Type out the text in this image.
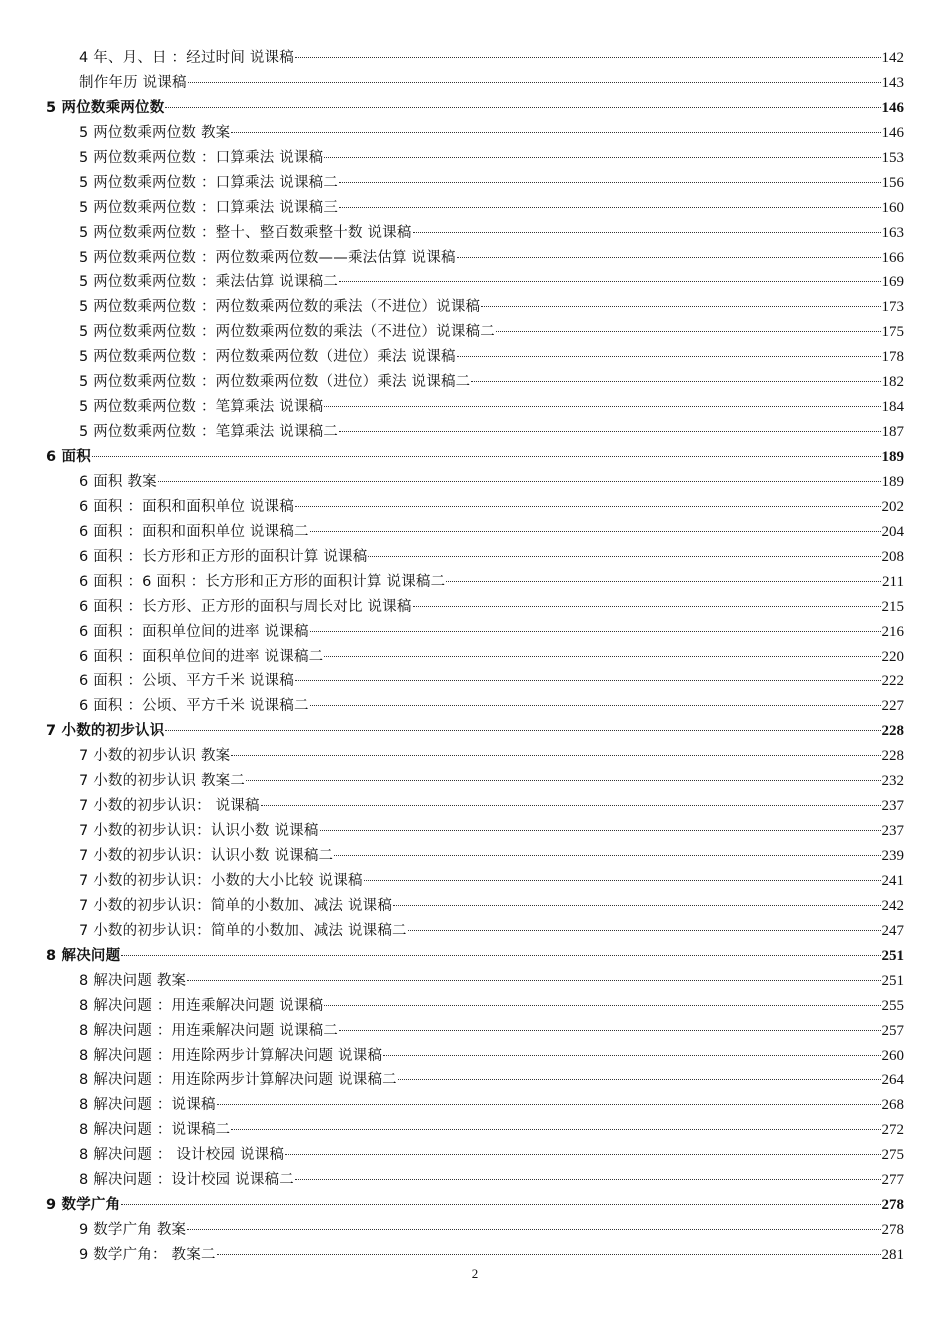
4 年、月、日 ：经过时间 说课稿	142
制作年历 说课稿	143
5 两位数乘两位数	146
5 两位数乘两位数 教案	146
5 两位数乘两位数 ：口算乘法 说课稿	153
5 两位数乘两位数 ：口算乘法 说课稿二	156
5 两位数乘两位数 ：口算乘法 说课稿三	160
5 两位数乘两位数 ：整十、整百数乘整十数 说课稿	163
5 两位数乘两位数 ：两位数乘两位数——乘法估算 说课稿	166
5 两位数乘两位数 ：乘法估算 说课稿二	169
5 两位数乘两位数 ：两位数乘两位数的乘法（不进位）说课稿	173
5 两位数乘两位数 ：两位数乘两位数的乘法（不进位）说课稿二	175
5 两位数乘两位数 ：两位数乘两位数（进位）乘法 说课稿	178
5 两位数乘两位数 ：两位数乘两位数（进位）乘法 说课稿二	182
5 两位数乘两位数 ：笔算乘法 说课稿	184
5 两位数乘两位数 ：笔算乘法 说课稿二	187
6 面积	189
6 面积 教案	189
6 面积 ：面积和面积单位 说课稿	202
6 面积 ：面积和面积单位 说课稿二	204
6 面积 ：长方形和正方形的面积计算 说课稿	208
6 面积 ：6 面积 ：长方形和正方形的面积计算 说课稿二	211
6 面积 ：长方形、正方形的面积与周长对比 说课稿	215
6 面积 ：面积单位间的进率 说课稿	216
6 面积 ：面积单位间的进率 说课稿二	220
6 面积 ：公顷、平方千米 说课稿	222
6 面积 ：公顷、平方千米 说课稿二	227
7 小数的初步认识	228
7 小数的初步认识 教案	228
7 小数的初步认识 教案二	232
7 小数的初步认识： 说课稿	237
7 小数的初步认识：认识小数 说课稿	237
7 小数的初步认识：认识小数 说课稿二	239
7 小数的初步认识：小数的大小比较 说课稿	241
7 小数的初步认识：简单的小数加、减法 说课稿	242
7 小数的初步认识：简单的小数加、减法 说课稿二	247
8 解决问题	251
8 解决问题 教案	251
8 解决问题 ：用连乘解决问题 说课稿	255
8 解决问题 ：用连乘解决问题 说课稿二	257
8 解决问题 ：用连除两步计算解决问题 说课稿	260
8 解决问题 ：用连除两步计算解决问题 说课稿二	264
8 解决问题 ：说课稿	268
8 解决问题 ：说课稿二	272
8 解决问题 ： 设计校园 说课稿	275
8 解决问题 ：设计校园 说课稿二	277
9 数学广角	278
9 数学广角 教案	278
9 数学广角： 教案二	281
2
